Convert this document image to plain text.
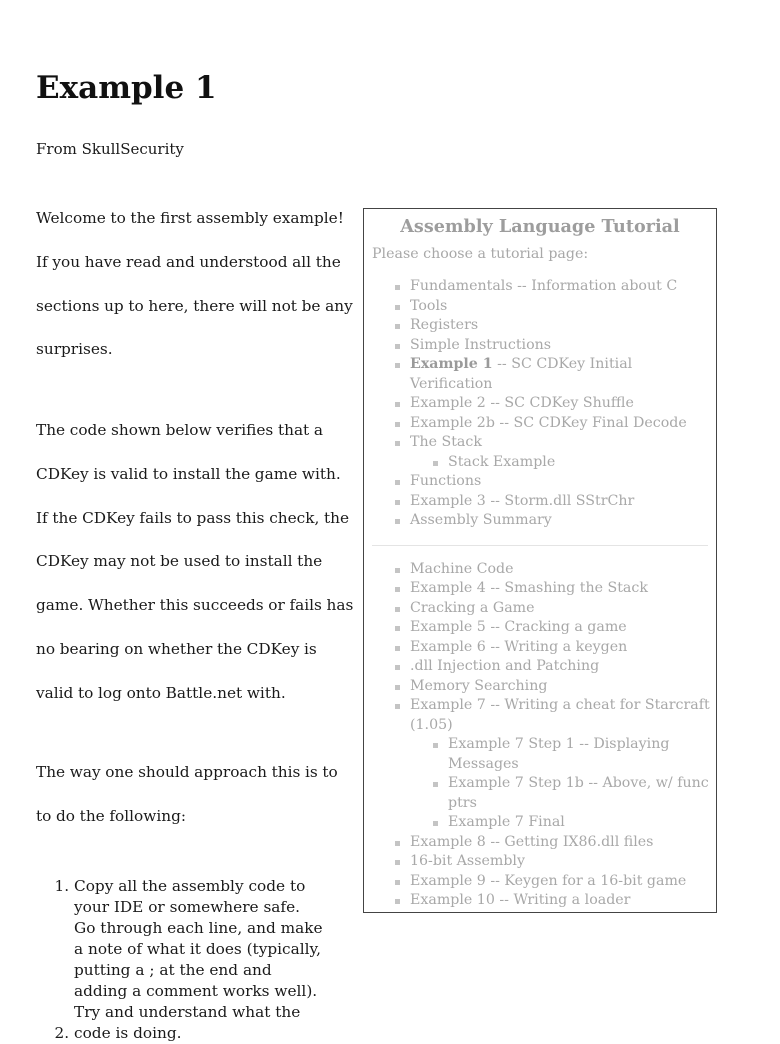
Example 1
From SkullSecurity

Welcome to the first assembly example! If you have read and understood all the sections up to here, there will not be any surprises.

The code shown below verifies that a CDKey is valid to install the game with. If the CDKey fails to pass this check, the CDKey may not be used to install the game. Whether this succeeds or fails has no bearing on whether the CDKey is valid to log onto Battle.net with.

The way one should approach this is to to do the following:

1. Copy all the assembly code to your IDE or somewhere safe.
2. Go through each line, and make a note of what it does (typically, putting a ; at the end and adding a comment works well). Try and understand what the code is doing.
Assembly Language Tutorial
Please choose a tutorial page:
Fundamentals -- Information about C
Tools
Registers
Simple Instructions
Example 1 -- SC CDKey Initial Verification
Example 2 -- SC CDKey Shuffle
Example 2b -- SC CDKey Final Decode
The Stack
Stack Example
Functions
Example 3 -- Storm.dll SStrChr
Assembly Summary
Machine Code
Example 4 -- Smashing the Stack
Cracking a Game
Example 5 -- Cracking a game
Example 6 -- Writing a keygen
.dll Injection and Patching
Memory Searching
Example 7 -- Writing a cheat for Starcraft (1.05)
Example 7 Step 1 -- Displaying Messages
Example 7 Step 1b -- Above, w/ func ptrs
Example 7 Final
Example 8 -- Getting IX86.dll files
16-bit Assembly
Example 9 -- Keygen for a 16-bit game
Example 10 -- Writing a loader
